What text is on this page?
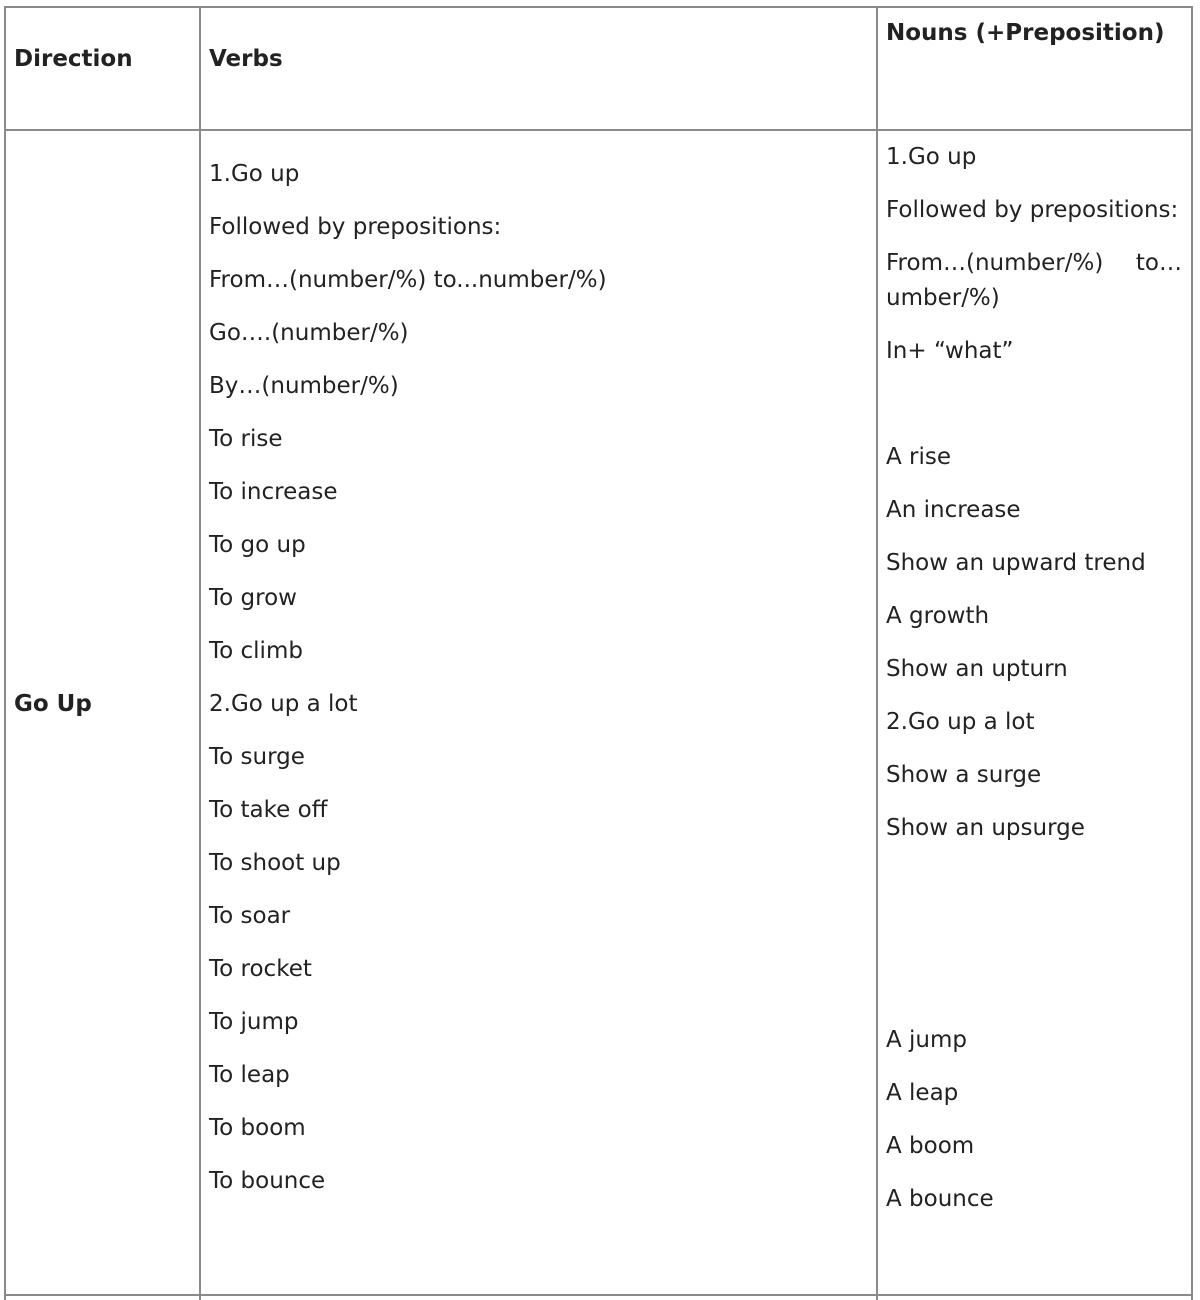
Direction	Verbs

Nouns (+Preposition)

Go Up

1.Go up
Followed by prepositions:
From…(number/%) to...number/%)
Go….(number/%)
By…(number/%)
To rise
To increase
To go up
To grow
To climb
2.Go up a lot
To surge
To take off
To shoot up
To soar
To rocket
To jump
To leap
To boom
To bounce
1.Go up
Followed by prepositions:
From…(number/%) to…
umber/%)
In+ “what”
A rise
An increase
Show an upward trend
A growth
Show an upturn
2.Go up a lot
Show a surge
Show an upsurge
A jump
A leap
A boom
A bounce
